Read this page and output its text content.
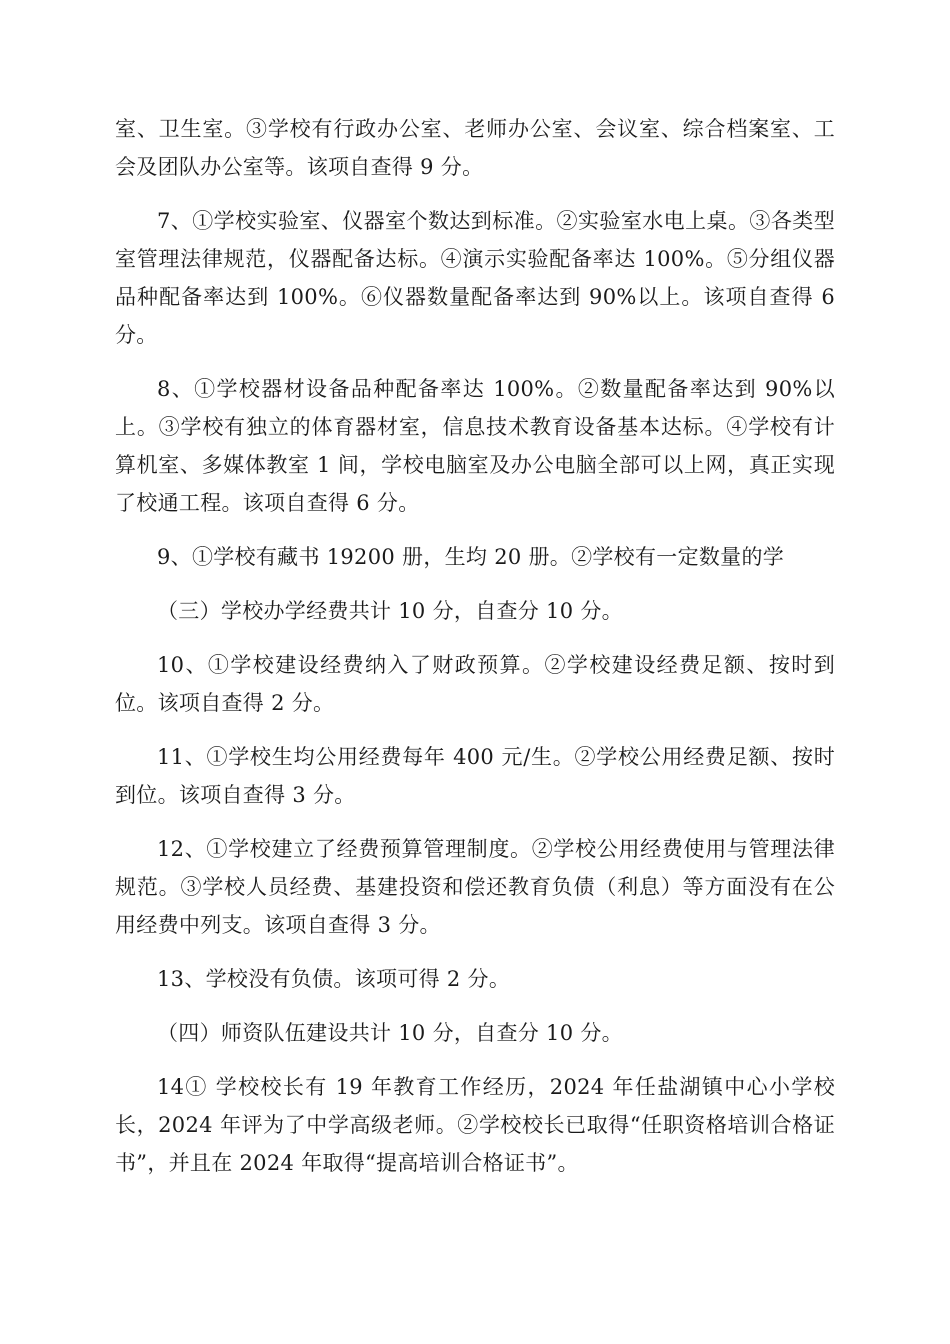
室、卫生室。③学校有行政办公室、老师办公室、会议室、综合档案室、工会及团队办公室等。该项自查得 9 分。

7、①学校实验室、仪器室个数达到标准。②实验室水电上桌。③各类型室管理法律规范，仪器配备达标。④演示实验配备率达 100%。⑤分组仪器品种配备率达到 100%。⑥仪器数量配备率达到 90%以上。该项自查得 6 分。

8、①学校器材设备品种配备率达 100%。②数量配备率达到 90%以上。③学校有独立的体育器材室，信息技术教育设备基本达标。④学校有计算机室、多媒体教室 1 间，学校电脑室及办公电脑全部可以上网，真正实现了校通工程。该项自查得 6 分。

9、①学校有藏书 19200 册，生均 20 册。②学校有一定数量的学

（三）学校办学经费共计 10 分，自查分 10 分。

10、①学校建设经费纳入了财政预算。②学校建设经费足额、按时到位。该项自查得 2 分。

11、①学校生均公用经费每年 400 元/生。②学校公用经费足额、按时到位。该项自查得 3 分。

12、①学校建立了经费预算管理制度。②学校公用经费使用与管理法律规范。③学校人员经费、基建投资和偿还教育负债（利息）等方面没有在公用经费中列支。该项自查得 3 分。

13、学校没有负债。该项可得 2 分。

（四）师资队伍建设共计 10 分，自查分 10 分。

14① 学校校长有 19 年教育工作经历，2024 年任盐湖镇中心小学校长，2024 年评为了中学高级老师。②学校校长已取得“任职资格培训合格证书”，并且在 2024 年取得“提高培训合格证书”。
